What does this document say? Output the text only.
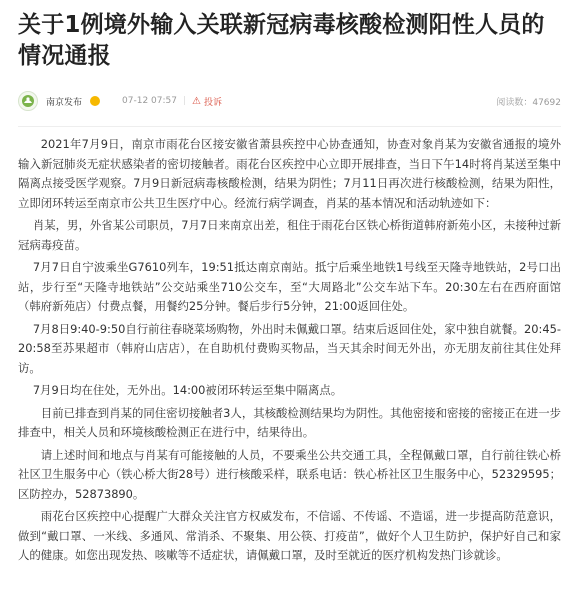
关于1例境外输入关联新冠病毒核酸检测阳性人员的情况通报
南京发布	07-12 07:57 | ⚠ 投诉	阅读数：47692

2021年7月9日，南京市雨花台区接安徽省萧县疾控中心协查通知，协查对象肖某为安徽省通报的境外输入新冠肺炎无症状感染者的密切接触者。雨花台区疾控中心立即开展排查，当日下午14时将肖某送至集中隔离点接受医学观察。7月9日新冠病毒核酸检测，结果为阴性；7月11日再次进行核酸检测，结果为阳性，立即闭环转运至南京市公共卫生医疗中心。经流行病学调查，肖某的基本情况和活动轨迹如下：

肖某，男，外省某公司职员，7月7日来南京出差，租住于雨花台区铁心桥街道韩府新苑小区，未接种过新冠病毒疫苗。

7月7日自宁波乘坐G7610列车，19:51抵达南京南站。抵宁后乘坐地铁1号线至天隆寺地铁站，2号口出站，步行至“天隆寺地铁站”公交站乘坐710公交车，至“大周路北”公交车站下车。20:30左右在西府面馆（韩府新苑店）付费点餐，用餐约25分钟。餐后步行5分钟，21:00返回住处。

7月8日9:40-9:50自行前往春晓菜场购物，外出时未佩戴口罩。结束后返回住处，家中独自就餐。20:45-20:58至苏果超市（韩府山店店），在自助机付费购买物品，当天其余时间无外出，亦无朋友前往其住处拜访。

7月9日均在住处，无外出。14:00被闭环转运至集中隔离点。

目前已排查到肖某的同住密切接触者3人，其核酸检测结果均为阴性。其他密接和密接的密接正在进一步排查中，相关人员和环境核酸检测正在进行中，结果待出。

请上述时间和地点与肖某有可能接触的人员，不要乘坐公共交通工具，全程佩戴口罩，自行前往铁心桥社区卫生服务中心（铁心桥大街28号）进行核酸采样，联系电话：铁心桥社区卫生服务中心，52329595；区防控办，52873890。

雨花台区疾控中心提醒广大群众关注官方权威发布，不信谣、不传谣、不造谣，进一步提高防范意识，做到“戴口罩、一米线、多通风、常消杀、不聚集、用公筷、打疫苗”，做好个人卫生防护，保护好自己和家人的健康。如您出现发热、咳嗽等不适症状，请佩戴口罩，及时至就近的医疗机构发热门诊就诊。
